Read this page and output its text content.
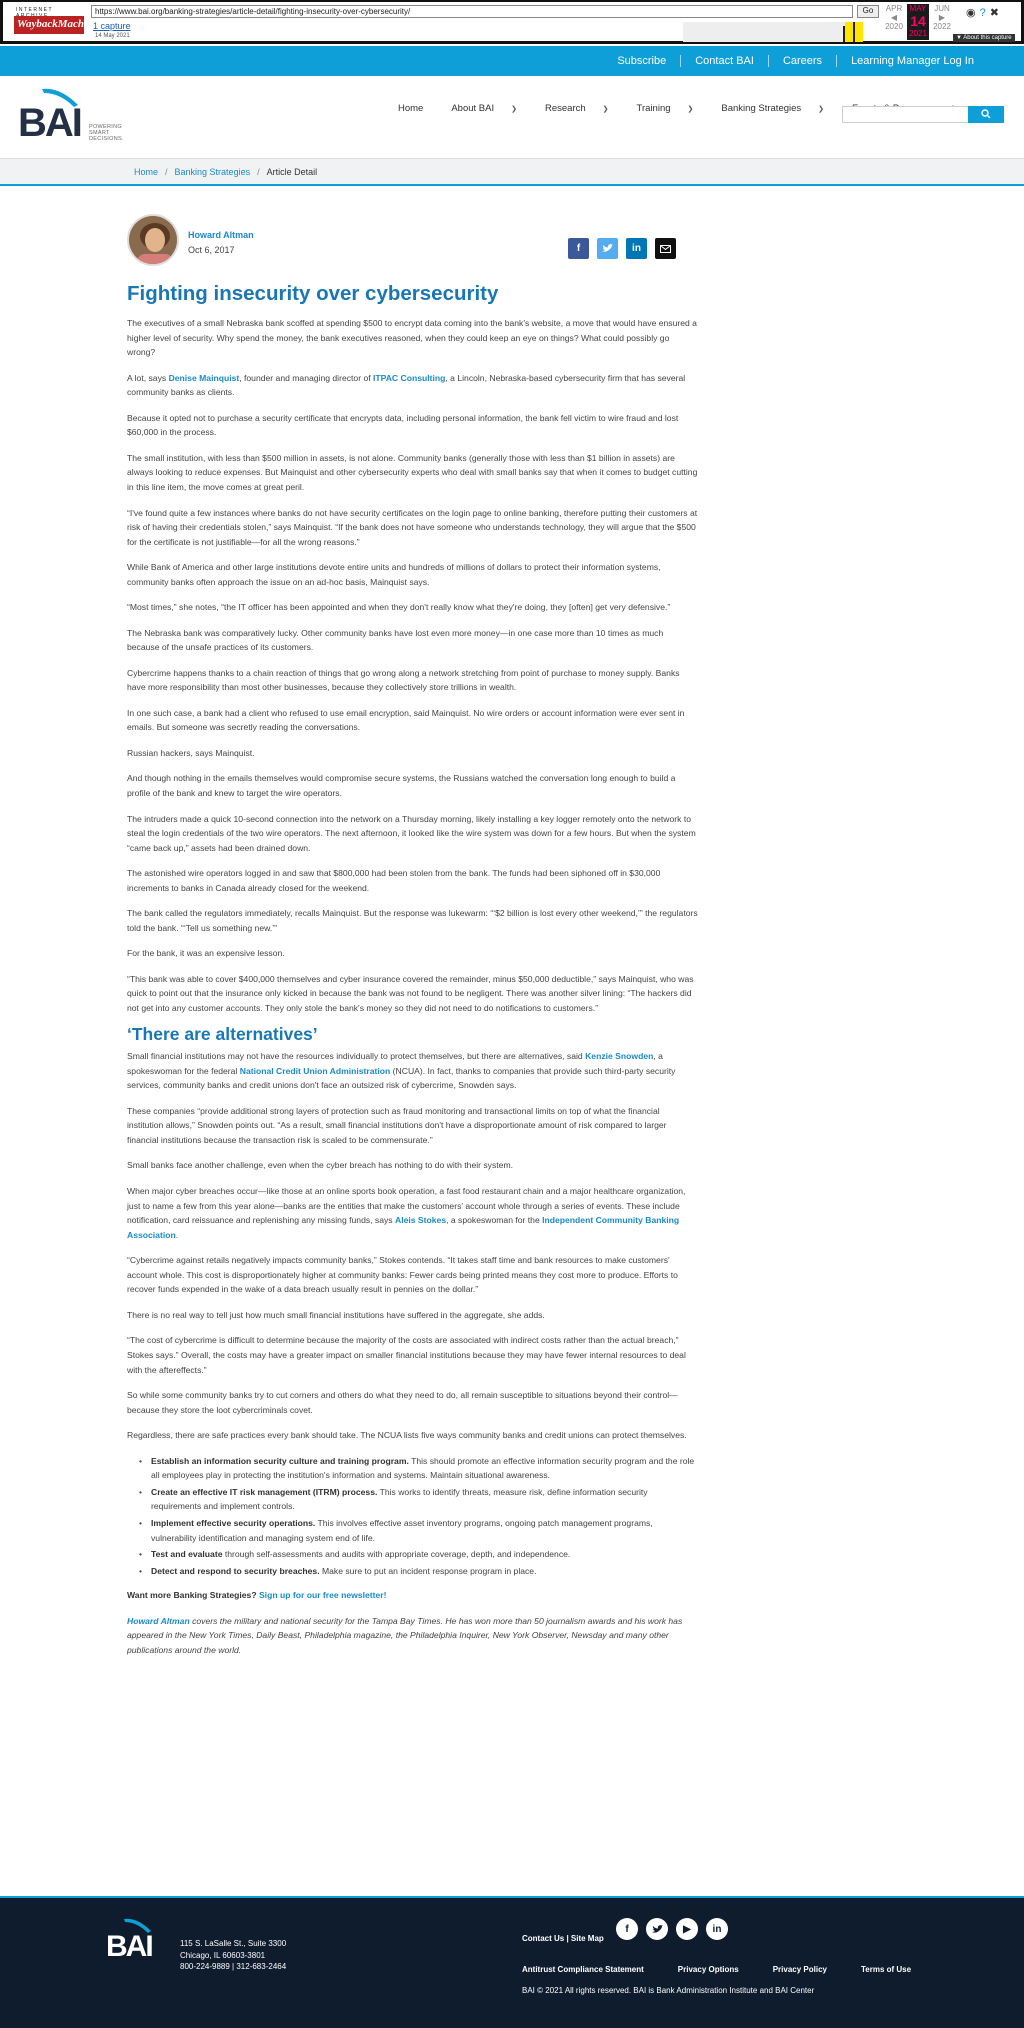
INTERNET
WaybackMachine
https://www.bai.org/banking-strategies/article-detail/fighting-insecurity-over-cybersecurity/	Go
1 capture
14 May 2021
APR
◀
2020
MAY
14
2021
JUN
▶
2022
◉?✖
▼ About this capture
Subscribe	Contact BAI	Careers	Learning Manager Log In
BAI POWERING
SMART
DECISIONS.
Home	About BAI ❯	Research ❯	Training ❯	Banking Strategies ❯
Home / Banking Strategies / Article Detail
Howard Altman
Oct 6, 2017	f	in
Fighting insecurity over cybersecurity

The executives of a small Nebraska bank scoffed at spending $500 to encrypt data coming into the bank's website, a move that would have ensured a higher level of security. Why spend the money, the bank executives reasoned, when they could keep an eye on things? What could possibly go wrong?

A lot, says Denise Mainquist, founder and managing director of ITPAC Consulting, a Lincoln, Nebraska-based cybersecurity firm that has several community banks as clients.

Because it opted not to purchase a security certificate that encrypts data, including personal information, the bank fell victim to wire fraud and lost $60,000 in the process.

The small institution, with less than $500 million in assets, is not alone. Community banks (generally those with less than $1 billion in assets) are always looking to reduce expenses. But Mainquist and other cybersecurity experts who deal with small banks say that when it comes to budget cutting in this line item, the move comes at great peril.

“I've found quite a few instances where banks do not have security certificates on the login page to online banking, therefore putting their customers at risk of having their credentials stolen,” says Mainquist. “If the bank does not have someone who understands technology, they will argue that the $500 for the certificate is not justifiable—for all the wrong reasons.”

While Bank of America and other large institutions devote entire units and hundreds of millions of dollars to protect their information systems, community banks often approach the issue on an ad-hoc basis, Mainquist says.

“Most times,” she notes, “the IT officer has been appointed and when they don't really know what they're doing, they [often] get very defensive.”

The Nebraska bank was comparatively lucky. Other community banks have lost even more money—in one case more than 10 times as much because of the unsafe practices of its customers.

Cybercrime happens thanks to a chain reaction of things that go wrong along a network stretching from point of purchase to money supply. Banks have more responsibility than most other businesses, because they collectively store trillions in wealth.

In one such case, a bank had a client who refused to use email encryption, said Mainquist. No wire orders or account information were ever sent in emails. But someone was secretly reading the conversations.

Russian hackers, says Mainquist.

And though nothing in the emails themselves would compromise secure systems, the Russians watched the conversation long enough to build a profile of the bank and knew to target the wire operators.

The intruders made a quick 10-second connection into the network on a Thursday morning, likely installing a key logger remotely onto the network to steal the login credentials of the two wire operators. The next afternoon, it looked like the wire system was down for a few hours. But when the system “came back up,” assets had been drained down.

The astonished wire operators logged in and saw that $800,000 had been stolen from the bank. The funds had been siphoned off in $30,000 increments to banks in Canada already closed for the weekend.

The bank called the regulators immediately, recalls Mainquist. But the response was lukewarm: “‘$2 billion is lost every other weekend,’” the regulators told the bank. “‘Tell us something new.’”

For the bank, it was an expensive lesson.

“This bank was able to cover $400,000 themselves and cyber insurance covered the remainder, minus $50,000 deductible,” says Mainquist, who was quick to point out that the insurance only kicked in because the bank was not found to be negligent. There was another silver lining: “The hackers did not get into any customer accounts. They only stole the bank's money so they did not need to do notifications to customers.”

‘There are alternatives’

Small financial institutions may not have the resources individually to protect themselves, but there are alternatives, said Kenzie Snowden, a spokeswoman for the federal National Credit Union Administration (NCUA). In fact, thanks to companies that provide such third-party security services, community banks and credit unions don't face an outsized risk of cybercrime, Snowden says.

These companies “provide additional strong layers of protection such as fraud monitoring and transactional limits on top of what the financial institution allows,” Snowden points out. “As a result, small financial institutions don't have a disproportionate amount of risk compared to larger financial institutions because the transaction risk is scaled to be commensurate.”

Small banks face another challenge, even when the cyber breach has nothing to do with their system.

When major cyber breaches occur—like those at an online sports book operation, a fast food restaurant chain and a major healthcare organization, just to name a few from this year alone—banks are the entities that make the customers' account whole through a series of events. These include notification, card reissuance and replenishing any missing funds, says Aleis Stokes, a spokeswoman for the Independent Community Banking Association.

“Cybercrime against retails negatively impacts community banks,” Stokes contends. “It takes staff time and bank resources to make customers' account whole. This cost is disproportionately higher at community banks: Fewer cards being printed means they cost more to produce. Efforts to recover funds expended in the wake of a data breach usually result in pennies on the dollar.”

There is no real way to tell just how much small financial institutions have suffered in the aggregate, she adds.

“The cost of cybercrime is difficult to determine because the majority of the costs are associated with indirect costs rather than the actual breach,” Stokes says.” Overall, the costs may have a greater impact on smaller financial institutions because they may have fewer internal resources to deal with the aftereffects.”

So while some community banks try to cut corners and others do what they need to do, all remain susceptible to situations beyond their control—because they store the loot cybercriminals covet.

Regardless, there are safe practices every bank should take. The NCUA lists five ways community banks and credit unions can protect themselves.

• Establish an information security culture and training program. This should promote an effective information security program and the role all employees play in protecting the institution's information and systems. Maintain situational awareness.
• Create an effective IT risk management (ITRM) process. This works to identify threats, measure risk, define information security requirements and implement controls.
• Implement effective security operations. This involves effective asset inventory programs, ongoing patch management programs, vulnerability identification and managing system end of life.
• Test and evaluate through self-assessments and audits with appropriate coverage, depth, and independence.
• Detect and respond to security breaches. Make sure to put an incident response program in place.

Want more Banking Strategies? Sign up for our free newsletter!

Howard Altman covers the military and national security for the Tampa Bay Times. He has won more than 50 journalism awards and his work has appeared in the New York Times, Daily Beast, Philadelphia magazine, the Philadelphia Inquirer, New York Observer, Newsday and many other publications around the world.

BAI	115 S. LaSalle St., Suite 3300
Chicago, IL 60603-3801
800-224-9889 | 312-683-2464
Contact Us | Site Map
f	▶	in
Antitrust Compliance Statement	Privacy Options	Privacy Policy	Terms of Use
BAI © 2021 All rights reserved. BAI is Bank Administration Institute and BAI Center
